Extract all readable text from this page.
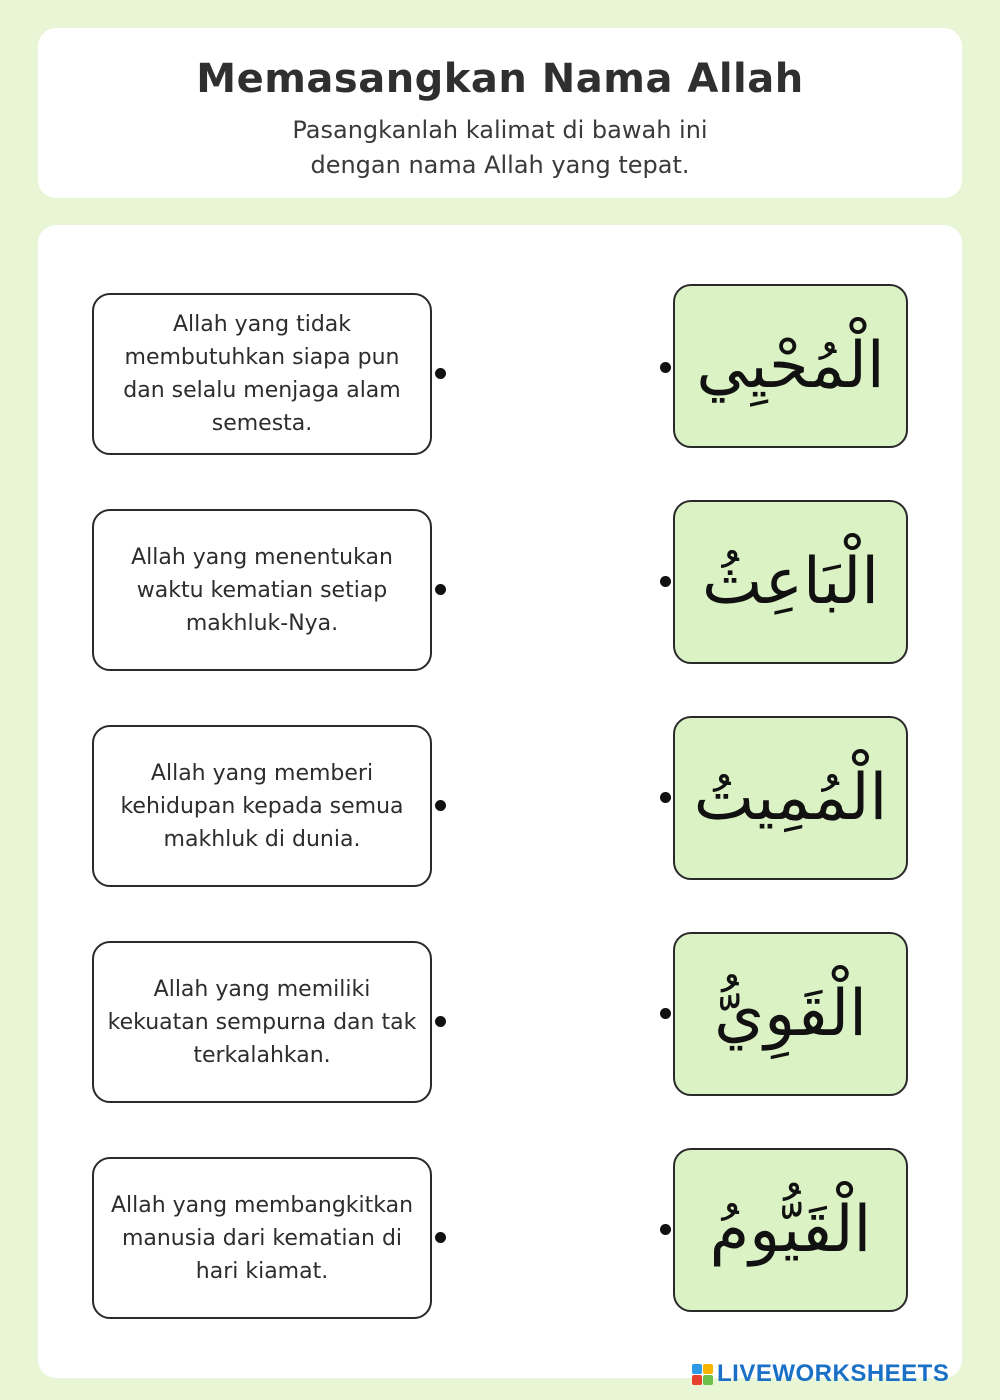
Memasangkan Nama Allah
Pasangkanlah kalimat di bawah ini dengan nama Allah yang tepat.
Allah yang tidak membutuhkan siapa pun dan selalu menjaga alam semesta.
Allah yang menentukan waktu kematian setiap makhluk-Nya.
Allah yang memberi kehidupan kepada semua makhluk di dunia.
Allah yang memiliki kekuatan sempurna dan tak terkalahkan.
Allah yang membangkitkan manusia dari kematian di hari kiamat.
الْمُحْيِي
الْبَاعِثُ
الْمُمِيتُ
الْقَوِيُّ
الْقَيُّومُ
LIVEWORKSHEETS
